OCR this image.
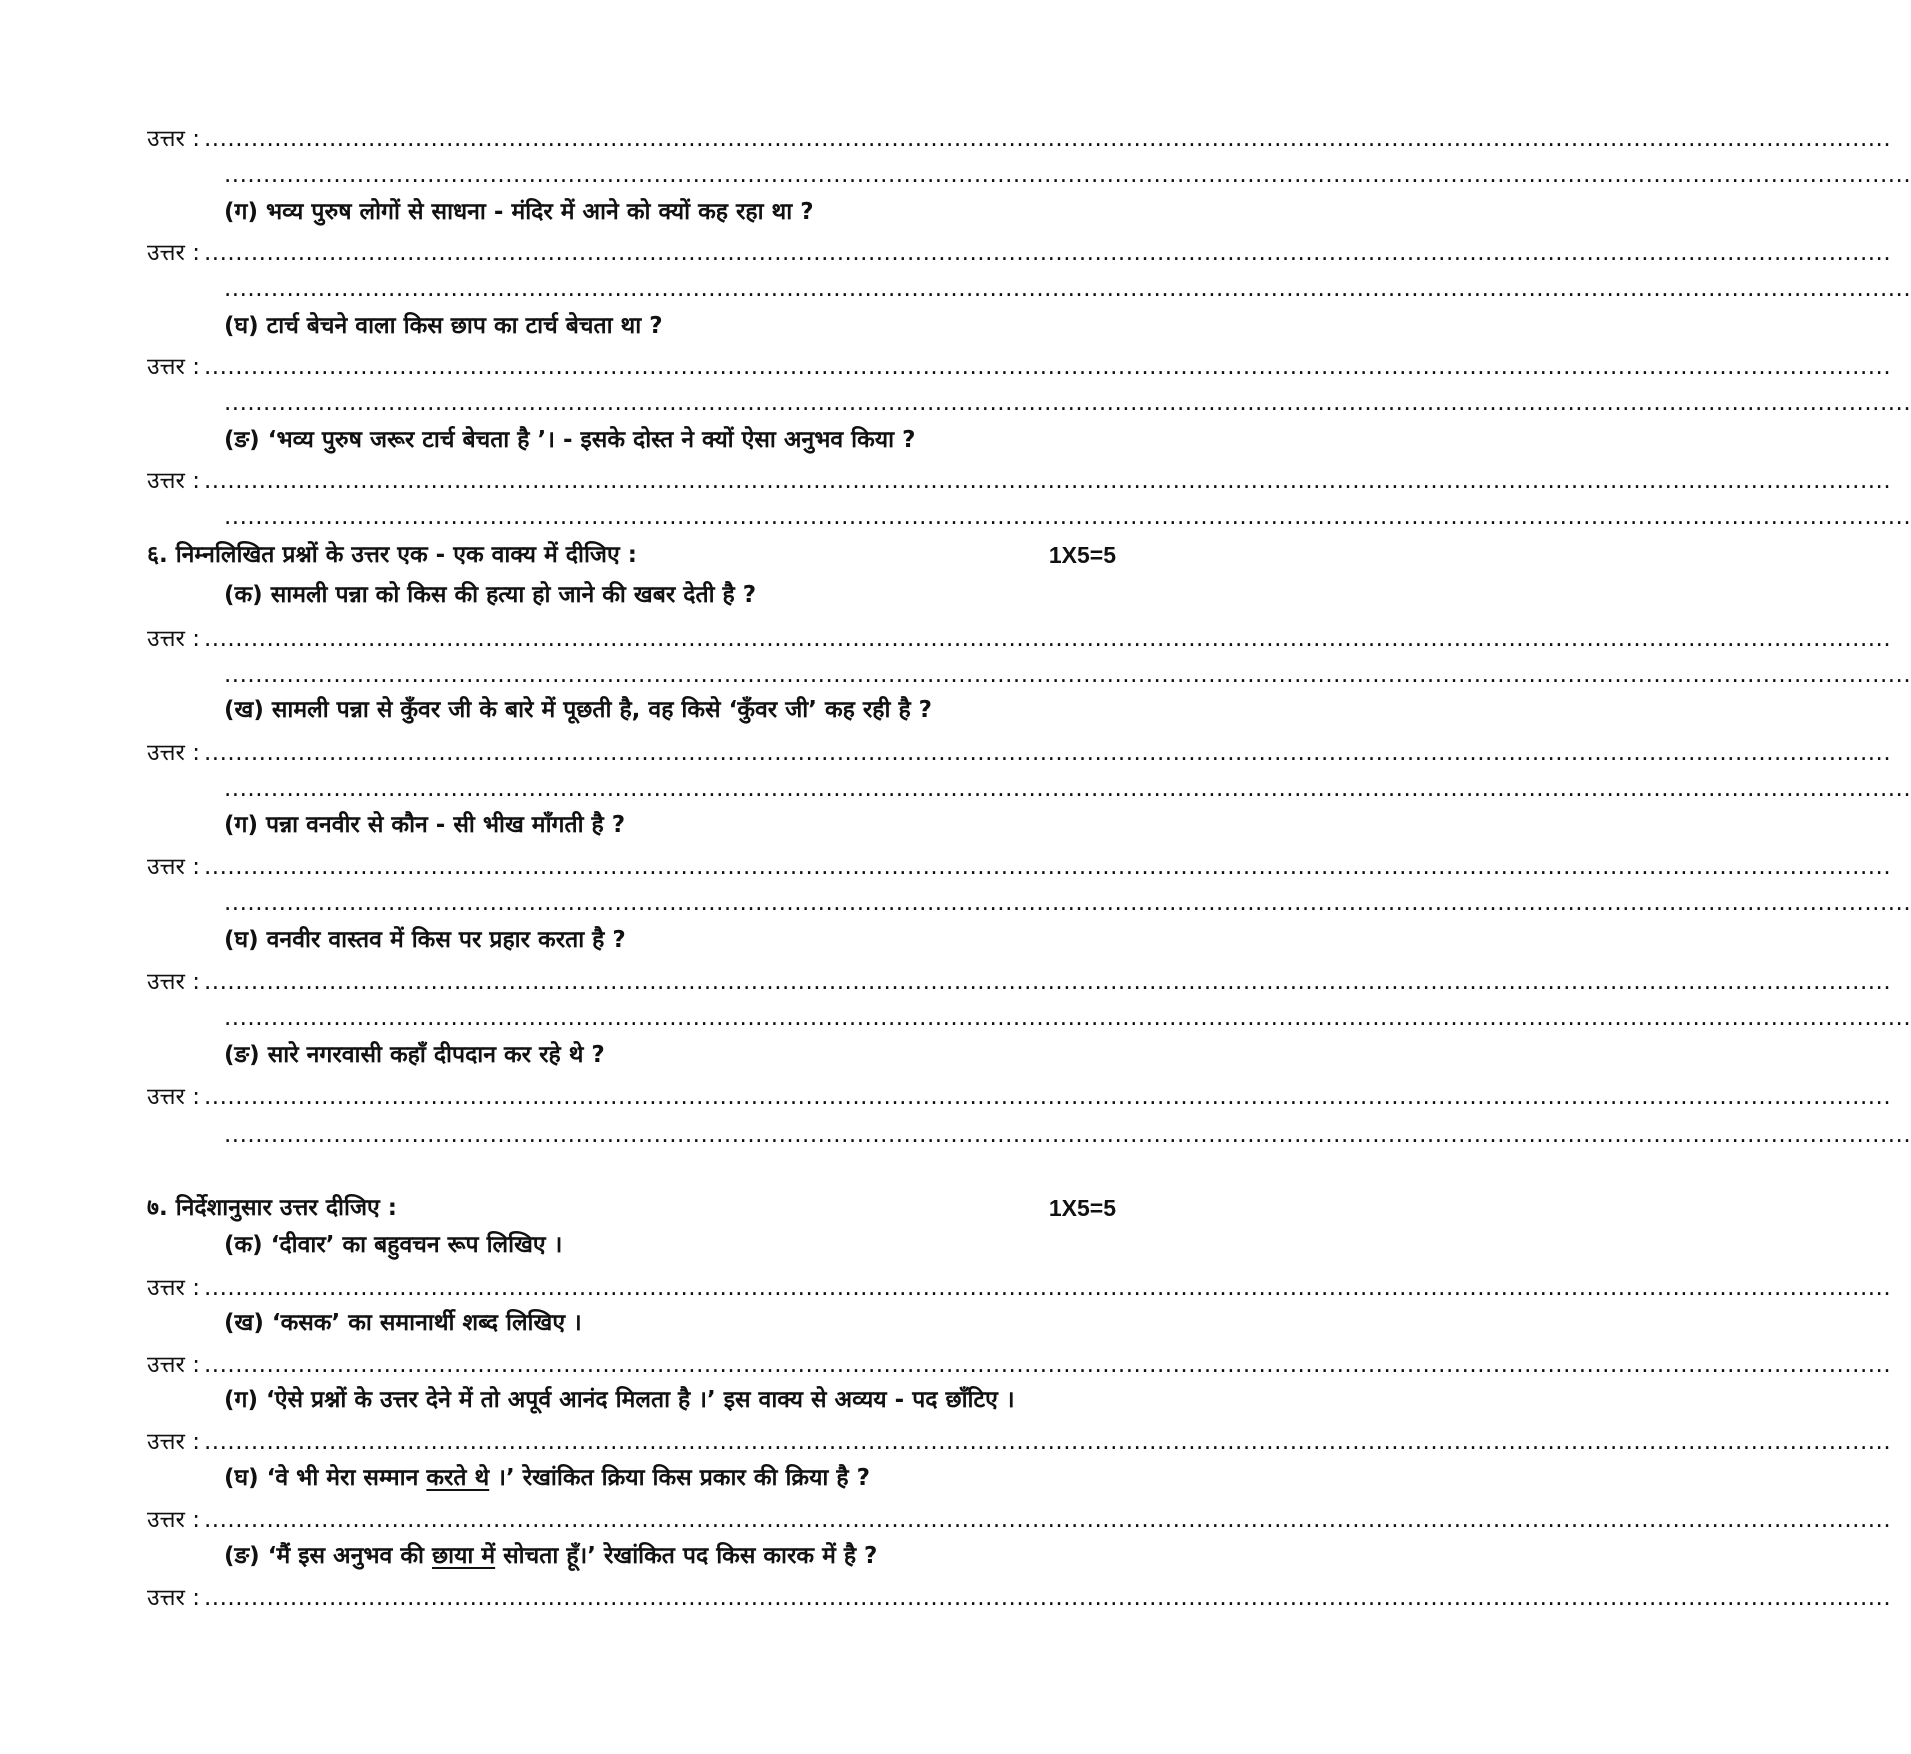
उत्तर : ........................................................................................................................................................................................................................
........................................................................................................................................................................................................................
(ग) भव्य पुरुष लोगों से साधना - मंदिर में आने को क्यों कह रहा था ?
उत्तर : ........................................................................................................................................................................................................................
........................................................................................................................................................................................................................
(घ) टार्च बेचने वाला किस छाप का टार्च बेचता था ?
उत्तर : ........................................................................................................................................................................................................................
........................................................................................................................................................................................................................
(ङ) ‘भव्य पुरुष जरूर टार्च बेचता है ’। - इसके दोस्त ने क्यों ऐसा अनुभव किया ?
उत्तर : ........................................................................................................................................................................................................................
........................................................................................................................................................................................................................
६. निम्नलिखित प्रश्नों के उत्तर एक - एक वाक्य में दीजिए :	1X5=5
(क) सामली पन्ना को किस की हत्या हो जाने की खबर देती है ?
उत्तर : ........................................................................................................................................................................................................................
........................................................................................................................................................................................................................
(ख) सामली पन्ना से कुँवर जी के बारे में पूछती है, वह किसे ‘कुँवर जी’ कह रही है ?
उत्तर : ........................................................................................................................................................................................................................
........................................................................................................................................................................................................................
(ग) पन्ना वनवीर से कौन - सी भीख माँगती है ?
उत्तर : ........................................................................................................................................................................................................................
........................................................................................................................................................................................................................
(घ) वनवीर वास्तव में किस पर प्रहार करता है ?
उत्तर : ........................................................................................................................................................................................................................
........................................................................................................................................................................................................................
(ङ) सारे नगरवासी कहाँ दीपदान कर रहे थे ?
उत्तर : ........................................................................................................................................................................................................................
........................................................................................................................................................................................................................
७. निर्देशानुसार उत्तर दीजिए :	1X5=5
(क) ‘दीवार’ का बहुवचन रूप लिखिए ।
उत्तर : ........................................................................................................................................................................................................................
(ख) ‘कसक’ का समानार्थी शब्द लिखिए ।
उत्तर : ........................................................................................................................................................................................................................
(ग) ‘ऐसे प्रश्नों के उत्तर देने में तो अपूर्व आनंद मिलता है ।’ इस वाक्य से अव्यय - पद छाँटिए ।
उत्तर : ........................................................................................................................................................................................................................
(घ) ‘वे भी मेरा सम्मान करते थे ।’ रेखांकित क्रिया किस प्रकार की क्रिया है ?
उत्तर : ........................................................................................................................................................................................................................
(ङ) ‘मैं इस अनुभव की छाया में सोचता हूँ।’ रेखांकित पद किस कारक में है ?
उत्तर : ........................................................................................................................................................................................................................
